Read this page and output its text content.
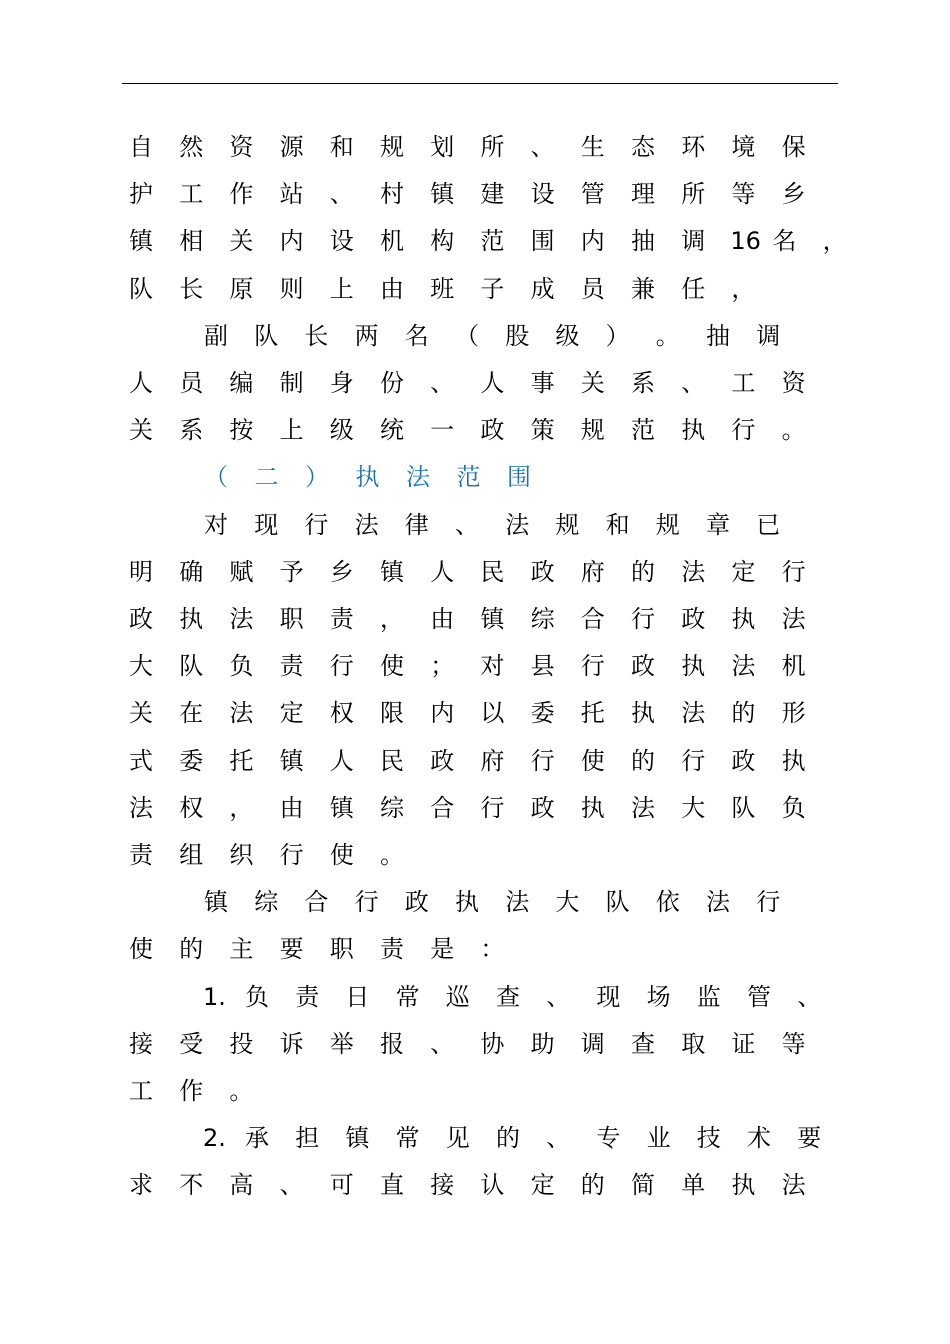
自 然 资 源 和 规 划 所 、 生 态 环 境 保
护 工 作 站 、 村 镇 建 设 管 理 所 等 乡
镇 相 关 内 设 机 构 范 围 内 抽 调 16 名 ，
队 长 原 则 上 由 班 子 成 员 兼 任 ，
副 队 长 两 名 （ 股 级 ） 。 抽 调
人 员 编 制 身 份 、 人 事 关 系 、 工 资
关 系 按 上 级 统 一 政 策 规 范 执 行 。
（ 二 ） 执 法 范 围
对 现 行 法 律 、 法 规 和 规 章 已
明 确 赋 予 乡 镇 人 民 政 府 的 法 定 行
政 执 法 职 责 ， 由 镇 综 合 行 政 执 法
大 队 负 责 行 使 ； 对 县 行 政 执 法 机
关 在 法 定 权 限 内 以 委 托 执 法 的 形
式 委 托 镇 人 民 政 府 行 使 的 行 政 执
法 权 ， 由 镇 综 合 行 政 执 法 大 队 负
责 组 织 行 使 。
镇 综 合 行 政 执 法 大 队 依 法 行
使 的 主 要 职 责 是 ：
1. 负 责 日 常 巡 查 、 现 场 监 管 、
接 受 投 诉 举 报 、 协 助 调 查 取 证 等
工 作 。
2. 承 担 镇 常 见 的 、 专 业 技 术 要
求 不 高 、 可 直 接 认 定 的 简 单 执 法
